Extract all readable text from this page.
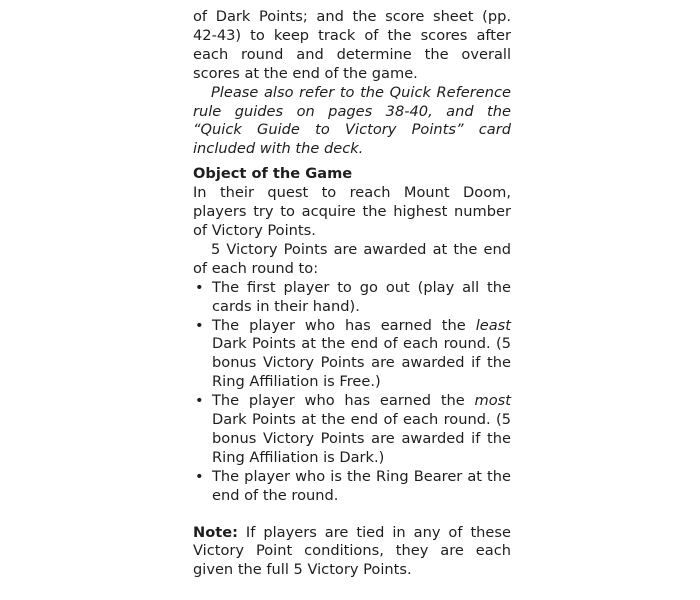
of Dark Points; and the score sheet (pp. 42-43) to keep track of the scores after each round and determine the overall scores at the end of the game.

Please also refer to the Quick Reference rule guides on pages 38-40, and the “Quick Guide to Victory Points” card included with the deck.

Object of the Game

In their quest to reach Mount Doom, players try to acquire the highest number of Victory Points.

5 Victory Points are awarded at the end of each round to:

• The first player to go out (play all the cards in their hand).
• The player who has earned the least Dark Points at the end of each round. (5 bonus Victory Points are awarded if the Ring Affiliation is Free.)
• The player who has earned the most Dark Points at the end of each round. (5 bonus Victory Points are awarded if the Ring Affiliation is Dark.)
• The player who is the Ring Bearer at the end of the round.

Note: If players are tied in any of these Victory Point conditions, they are each given the full 5 Victory Points.
